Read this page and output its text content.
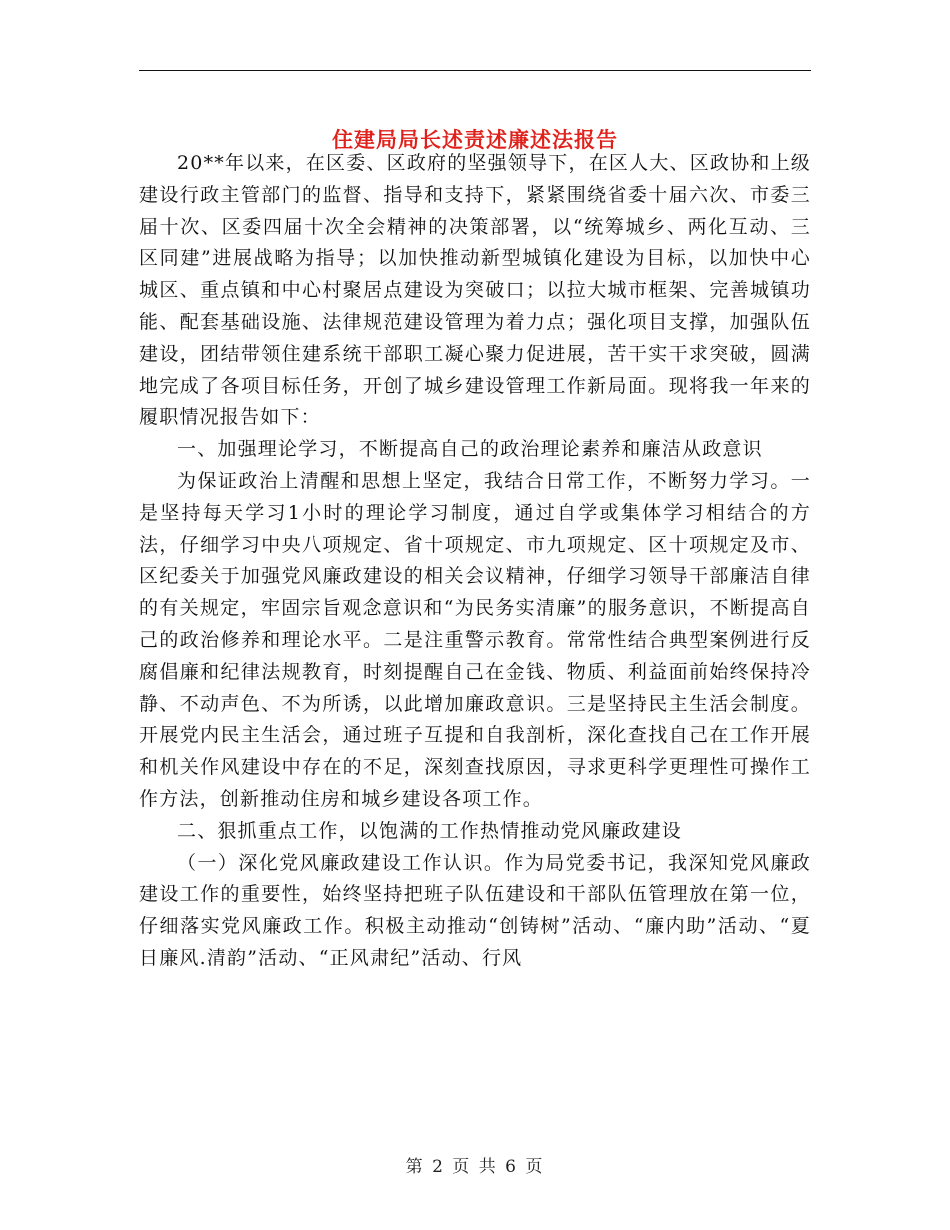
住建局局长述责述廉述法报告

20**年以来，在区委、区政府的坚强领导下，在区人大、区政协和上级建设行政主管部门的监督、指导和支持下，紧紧围绕省委十届六次、市委三届十次、区委四届十次全会精神的决策部署，以“统筹城乡、两化互动、三区同建”进展战略为指导；以加快推动新型城镇化建设为目标，以加快中心城区、重点镇和中心村聚居点建设为突破口；以拉大城市框架、完善城镇功能、配套基础设施、法律规范建设管理为着力点；强化项目支撑，加强队伍建设，团结带领住建系统干部职工凝心聚力促进展，苦干实干求突破，圆满地完成了各项目标任务，开创了城乡建设管理工作新局面。现将我一年来的履职情况报告如下：

一、加强理论学习，不断提高自己的政治理论素养和廉洁从政意识

为保证政治上清醒和思想上坚定，我结合日常工作，不断努力学习。一是坚持每天学习1小时的理论学习制度，通过自学或集体学习相结合的方法，仔细学习中央八项规定、省十项规定、市九项规定、区十项规定及市、区纪委关于加强党风廉政建设的相关会议精神，仔细学习领导干部廉洁自律的有关规定，牢固宗旨观念意识和“为民务实清廉”的服务意识，不断提高自己的政治修养和理论水平。二是注重警示教育。常常性结合典型案例进行反腐倡廉和纪律法规教育，时刻提醒自己在金钱、物质、利益面前始终保持冷静、不动声色、不为所诱，以此增加廉政意识。三是坚持民主生活会制度。开展党内民主生活会，通过班子互提和自我剖析，深化查找自己在工作开展和机关作风建设中存在的不足，深刻查找原因，寻求更科学更理性可操作工作方法，创新推动住房和城乡建设各项工作。

二、狠抓重点工作，以饱满的工作热情推动党风廉政建设

（一）深化党风廉政建设工作认识。作为局党委书记，我深知党风廉政建设工作的重要性，始终坚持把班子队伍建设和干部队伍管理放在第一位，仔细落实党风廉政工作。积极主动推动“创铸树”活动、“廉内助”活动、“夏日廉风.清韵”活动、“正风肃纪”活动、行风

第 2 页 共 6 页
